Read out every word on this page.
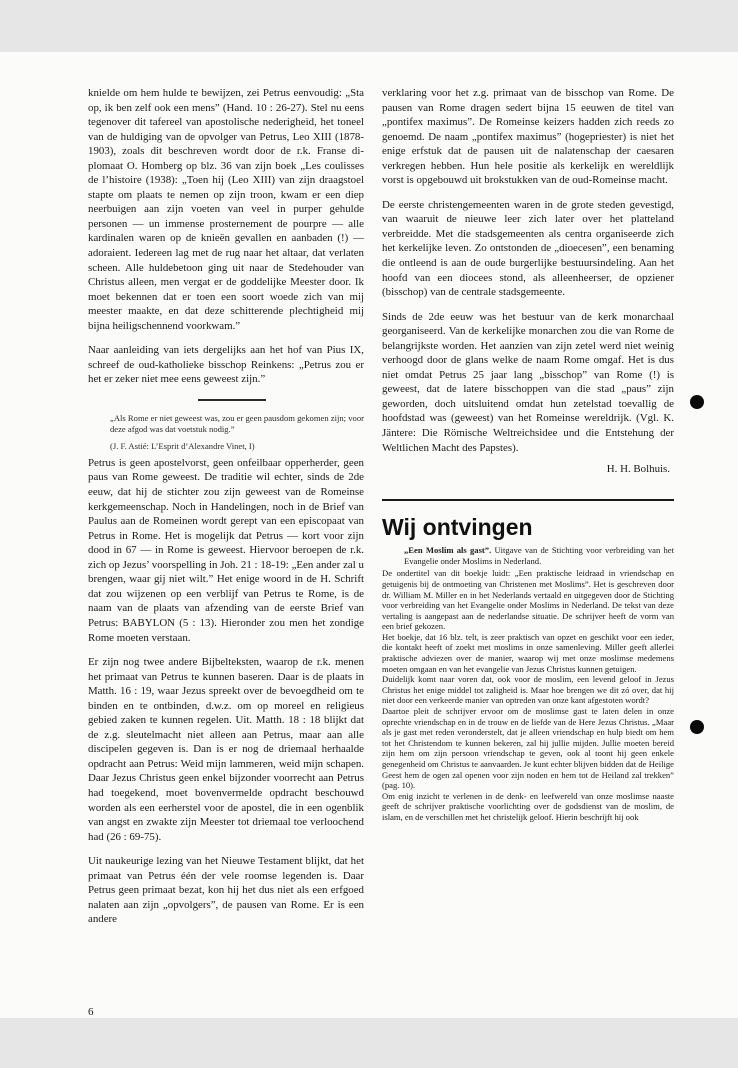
knielde om hem hulde te bewijzen, zei Petrus eenvoudig: „Sta op, ik ben zelf ook een mens” (Hand. 10 : 26-27). Stel nu eens tegenover dit tafereel van apostolische nederigheid, het toneel van de huldiging van de opvolger van Petrus, Leo XIII (1878-1903), zoals dit beschreven wordt door de r.k. Franse diplomaat O. Homberg op blz. 36 van zijn boek „Les coulisses de l’histoire (1938): „Toen hij (Leo XIII) van zijn draagstoel stapte om plaats te nemen op zijn troon, kwam er een diep neerbuigen aan zijn voeten van veel in purper gehulde personen — un immense prosternement de pourpre — alle kardinalen waren op de knieën gevallen en aanbaden (!) — adoraient. Iedereen lag met de rug naar het altaar, dat verlaten scheen. Alle huldebetoon ging uit naar de Stedehouder van Christus alleen, men vergat er de goddelijke Meester door. Ik moet bekennen dat er toen een soort woede zich van mij meester maakte, en dat deze schitterende plechtigheid mij bijna heiligschennend voorkwam.”

Naar aanleiding van iets dergelijks aan het hof van Pius IX, schreef de oud-katholieke bisschop Reinkens: „Petrus zou er het er zeker niet mee eens geweest zijn.”

„Als Rome er niet geweest was, zou er geen pausdom gekomen zijn; voor deze afgod was dat voetstuk nodig.”

(J. F. Astié: L’Esprit d’Alexandre Vinet, I)

Petrus is geen apostelvorst, geen onfeilbaar opperherder, geen paus van Rome geweest. De traditie wil echter, sinds de 2de eeuw, dat hij de stichter zou zijn geweest van de Romeinse kerkgemeenschap. Noch in Handelingen, noch in de Brief van Paulus aan de Romeinen wordt gerept van een episcopaat van Petrus in Rome. Het is mogelijk dat Petrus — kort voor zijn dood in 67 — in Rome is geweest. Hiervoor beroepen de r.k. zich op Jezus’ voorspelling in Joh. 21 : 18-19: „Een ander zal u brengen, waar gij niet wilt.” Het enige woord in de H. Schrift dat zou wijzenen op een verblijf van Petrus te Rome, is de naam van de plaats van afzending van de eerste Brief van Petrus: BABYLON (5 : 13). Hieronder zou men het zondige Rome moeten verstaan.

Er zijn nog twee andere Bijbelteksten, waarop de r.k. menen het primaat van Petrus te kunnen baseren. Daar is de plaats in Matth. 16 : 19, waar Jezus spreekt over de bevoegdheid om te binden en te ontbinden, d.w.z. om op moreel en religieus gebied zaken te kunnen regelen. Uit. Matth. 18 : 18 blijkt dat de z.g. sleutelmacht niet alleen aan Petrus, maar aan alle discipelen gegeven is. Dan is er nog de driemaal herhaalde opdracht aan Petrus: Weid mijn lammeren, weid mijn schapen. Daar Jezus Christus geen enkel bijzonder voorrecht aan Petrus had toegekend, moet bovenvermelde opdracht beschouwd worden als een eerherstel voor de apostel, die in een ogenblik van angst en zwakte zijn Meester tot driemaal toe verloochend had (26 : 69-75).

Uit naukeurige lezing van het Nieuwe Testament blijkt, dat het primaat van Petrus één der vele roomse legenden is. Daar Petrus geen primaat bezat, kon hij het dus niet als een erfgoed nalaten aan zijn „opvolgers”, de pausen van Rome. Er is een andere

verklaring voor het z.g. primaat van de bisschop van Rome. De pausen van Rome dragen sedert bijna 15 eeuwen de titel van „pontifex maximus”. De Romeinse keizers hadden zich reeds zo genoemd. De naam „pontifex maximus” (hogepriester) is niet het enige erfstuk dat de pausen uit de nalatenschap der caesaren verkregen hebben. Hun hele positie als kerkelijk en wereldlijk vorst is opgebouwd uit brokstukken van de oud-Romeinse macht.

De eerste christengemeenten waren in de grote steden gevestigd, van waaruit de nieuwe leer zich later over het platteland verbreidde. Met die stadsgemeenten als centra organiseerde zich het kerkelijke leven. Zo ontstonden de „dioecesen”, een benaming die ontleend is aan de oude burgerlijke bestuursindeling. Aan het hoofd van een diocees stond, als alleenheerser, de opziener (bisschop) van de centrale stadsgemeente.

Sinds de 2de eeuw was het bestuur van de kerk monarchaal georganiseerd. Van de kerkelijke monarchen zou die van Rome de belangrijkste worden. Het aanzien van zijn zetel werd niet weinig verhoogd door de glans welke de naam Rome omgaf. Het is dus niet omdat Petrus 25 jaar lang „bisschop” van Rome (!) is geweest, dat de latere bisschoppen van die stad „paus” zijn geworden, doch uitsluitend omdat hun zetelstad toevallig de hoofdstad was (geweest) van het Romeinse wereldrijk. (Vgl. K. Jäntere: Die Römische Weltreichsidee und die Entstehung der Weltlichen Macht des Papstes).

H. H. Bolhuis.

Wij ontvingen

„Een Moslim als gast”. Uitgave van de Stichting voor verbreiding van het Evangelie onder Moslims in Nederland.

De ondertitel van dit boekje luidt: „Een praktische leidraad in vriendschap en getuigenis bij de ontmoeting van Christenen met Moslims”. Het is geschreven door dr. William M. Miller en in het Nederlands vertaald en uitgegeven door de Stichting voor verbreiding van het Evangelie onder Moslims in Nederland. De tekst van deze vertaling is aangepast aan de nederlandse situatie. De schrijver heeft de vorm van een brief gekozen.

Het boekje, dat 16 blz. telt, is zeer praktisch van opzet en geschikt voor een ieder, die kontakt heeft of zoekt met moslims in onze samenleving. Miller geeft allerlei praktische adviezen over de manier, waarop wij met onze moslimse medemens moeten omgaan en van het evangelie van Jezus Christus kunnen getuigen.

Duidelijk komt naar voren dat, ook voor de moslim, een levend geloof in Jezus Christus het enige middel tot zaligheid is. Maar hoe brengen we dit zó over, dat hij niet door een verkeerde manier van optreden van onze kant afgestoten wordt?

Daartoe pleit de schrijver ervoor om de moslimse gast te laten delen in onze oprechte vriendschap en in de trouw en de liefde van de Here Jezus Christus. „Maar als je gast met reden veronderstelt, dat je alleen vriendschap en hulp biedt om hem tot het Christendom te kunnen bekeren, zal hij jullie mijden. Jullie moeten bereid zijn hem om zijn persoon vriendschap te geven, ook al toont hij geen enkele genegenheid om Christus te aanvaarden. Je kunt echter blijven bidden dat de Heilige Geest hem de ogen zal openen voor zijn noden en hem tot de Heiland zal trekken” (pag. 10).

Om enig inzicht te verlenen in de denk- en leefwereld van onze moslimse naaste geeft de schrijver praktische voorlichting over de godsdienst van de moslim, de islam, en de verschillen met het christelijk geloof. Hierin beschrijft hij ook

6
